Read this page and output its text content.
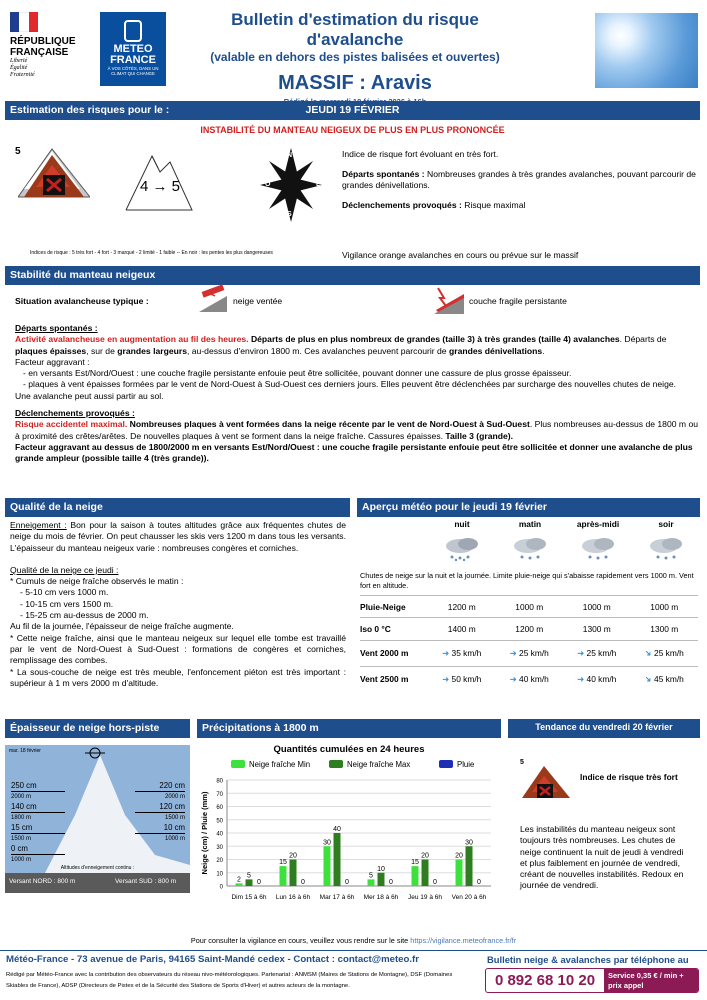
RÉPUBLIQUE
FRANÇAISE
Liberté
Égalité
Fraternité
METEO
FRANCE
À VOS CÔTÉS, DANS UN
CLIMAT QUI CHANGE
Bulletin d'estimation du risque d'avalanche
(valable en dehors des pistes balisées et ouvertes)
MASSIF : Aravis
Estimation des risques pour le :	JEUDI 19 FÉVRIER
INSTABILITÉ DU MANTEAU NEIGEUX DE PLUS EN PLUS PRONONCÉE
5
4 → 5
N
S
O	E

Indice de risque fort évoluant en très fort.

Départs spontanés : Nombreuses grandes à très grandes avalanches, pouvant parcourir de grandes dénivellations.

Déclenchements provoqués : Risque maximal

Indices de risque : 5 très fort - 4 fort - 3 marqué - 2 limité - 1 faible -- En noir : les pentes les plus dangereuses	Vigilance orange avalanches en cours ou prévue sur le massif
Stabilité du manteau neigeux
Situation avalancheuse typique :	neige ventée	couche fragile persistante

Départs spontanés :

Activité avalancheuse en augmentation au fil des heures. Départs de plus en plus nombreux de grandes (taille 3) à très grandes (taille 4) avalanches. Départs de plaques épaisses, sur de grandes largeurs, au-dessus d'environ 1800 m. Ces avalanches peuvent parcourir de grandes dénivellations.

Facteur aggravant :

- en versants Est/Nord/Ouest : une couche fragile persistante enfouie peut être sollicitée, pouvant donner une cassure de plus grosse épaisseur.

- plaques à vent épaisses formées par le vent de Nord-Ouest à Sud-Ouest ces derniers jours. Elles peuvent être déclenchées par surcharge des nouvelles chutes de neige.

Une avalanche peut aussi partir au sol.

Déclenchements provoqués :

Risque accidentel maximal. Nombreuses plaques à vent formées dans la neige récente par le vent de Nord-Ouest à Sud-Ouest. Plus nombreuses au-dessus de 1800 m ou à proximité des crêtes/arêtes. De nouvelles plaques à vent se forment dans la neige fraîche. Cassures épaisses. Taille 3 (grande).

Facteur aggravant au dessus de 1800/2000 m en versants Est/Nord/Ouest : une couche fragile persistante enfouie peut être sollicitée et donner une avalanche de plus grande ampleur (possible taille 4 (très grande)).

Qualité de la neige

Enneigement : Bon pour la saison à toutes altitudes grâce aux fréquentes chutes de neige du mois de février. On peut chausser les skis vers 1200 m dans tous les versants. L'épaisseur du manteau neigeux varie : nombreuses congères et corniches.

Qualité de la neige ce jeudi :

* Cumuls de neige fraîche observés le matin :

- 5-10 cm vers 1000 m.

- 10-15 cm vers 1500 m.

- 15-25 cm au-dessus de 2000 m.

Au fil de la journée, l'épaisseur de neige fraîche augmente.

* Cette neige fraîche, ainsi que le manteau neigeux sur lequel elle tombe est travaillé par le vent de Nord-Ouest à Sud-Ouest : formations de congères et corniches, remplissage des combes.

* La sous-couche de neige est très meuble, l'enfoncement piéton est très important : supérieur à 1 m vers 2000 m d'altitude.

Aperçu météo pour le jeudi 19 février
nuit	matin	après-midi	soir
Chutes de neige sur la nuit et la journée. Limite pluie-neige qui s'abaisse rapidement vers 1000 m. Vent fort en altitude.
Pluie-Neige	1200 m	1000 m	1000 m	1000 m
Iso 0 °C	1400 m	1200 m	1300 m	1300 m
Vent 2000 m	➜ 35 km/h	➜ 25 km/h	➜ 25 km/h	➜ 25 km/h
Vent 2500 m	➜ 50 km/h	➜ 40 km/h	➜ 40 km/h	➜ 45 km/h
Épaisseur de neige hors-piste
mar. 18 février
250 cm
2000 m
140 cm
1800 m
15 cm
1500 m
0 cm
1000 m
220 cm
2000 m
120 cm
1500 m
10 cm
1000 m
Altitudes d'enneigement continu :
Versant NORD : 800 m	Versant SUD : 800 m
Précipitations à 1800 m
Quantités cumulées en 24 heures
Neige fraîche Min	Neige fraîche Max	Pluie
0
10
20
30
40
50
60
70
80
Neige (cm) / Pluie (mm)
Dim 15 à 6h
2
5
0
Lun 16 à 6h
15
20
0
Mar 17 à 6h
30
40
0
Mer 18 à 6h
5
10
0
Jeu 19 à 6h
15
20
0
Ven 20 à 6h
20
30
0
Tendance du vendredi 20 février
5
Indice de risque très fort
Les instabilités du manteau neigeux sont toujours très nombreuses. Les chutes de neige continuent la nuit de jeudi à vendredi et plus faiblement en journée de vendredi, créant de nouvelles instabilités. Redoux en journée de vendredi.
Pour consulter la vigilance en cours, veuillez vous rendre sur le site https://vigilance.meteofrance.fr/fr
Météo-France - 73 avenue de Paris, 94165 Saint-Mandé cedex - Contact : contact@meteo.fr
Rédigé par Météo-France avec la contribution des observateurs du réseau nivo-météorologiques. Partenariat : ANMSM (Maires de Stations de Montagne), DSF (Domaines Skiables de France), ADSP (Directeurs de Pistes et de la Sécurité des Stations de Sports d'Hiver) et autres acteurs de la montagne.
Bulletin neige & avalanches par téléphone au
0 892 68 10 20	Service 0,35 € / min + prix appel
